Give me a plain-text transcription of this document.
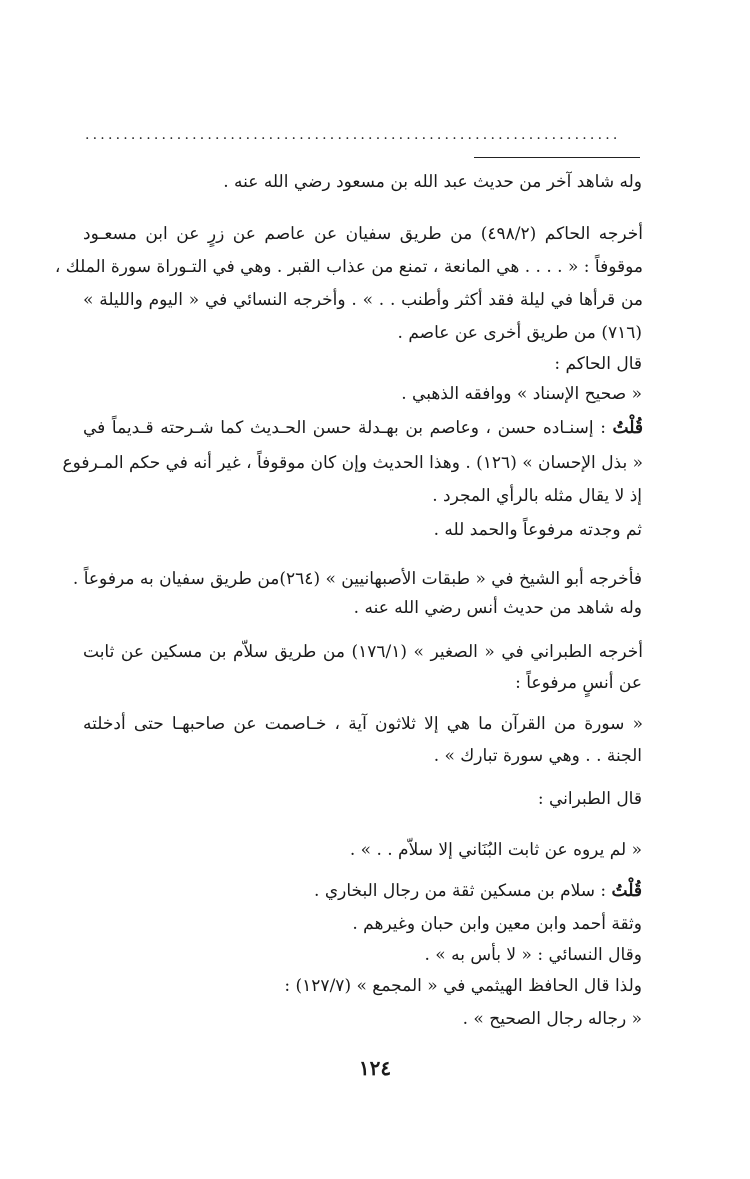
......................................................................
وله شاهد آخر من حديث عبد الله بن مسعود رضي الله عنه .
أخرجه الحاكم (٤٩٨/٢) من طريق سفيان عن عاصم عن زرٍ عن ابن مسعـود
موقوفاً : « . . . . هي المانعة ، تمنع من عذاب القبر . وهي في التـوراة سورة الملك ،
من قرأها في ليلة فقد أكثر وأطنب . . » . وأخرجه النسائي في « اليوم والليلة »
(٧١٦) من طريق أخرى عن عاصم .
قال الحاكم :
« صحيح الإسناد » ووافقه الذهبي .
قُلْتُ : إسنـاده حسن ، وعاصم بن بهـدلة حسن الحـديث كما شـرحته قـديماً في
« بذل الإحسان » (١٢٦) . وهذا الحديث وإن كان موقوفاً ، غير أنه في حكم المـرفوع
إذ لا يقال مثله بالرأي المجرد .
ثم وجدته مرفوعاً والحمد لله .
فأخرجه أبو الشيخ في « طبقات الأصبهانيين » (٢٦٤)من طريق سفيان به مرفوعاً .
وله شاهد من حديث أنس رضي الله عنه .
أخرجه الطبراني في « الصغير » (١٧٦/١) من طريق سلاّم بن مسكين عن ثابت
عن أنسٍ مرفوعاً :
« سورة من القرآن ما هي إلا ثلاثون آية ، خـاصمت عن صاحبهـا حتى أدخلته
الجنة . . وهي سورة تبارك » .
قال الطبراني :
« لم يروه عن ثابت البُنَاني إلا سلاّم . . » .
قُلْتُ : سلام بن مسكين ثقة من رجال البخاري .
وثقة أحمد وابن معين وابن حبان وغيرهم .
وقال النسائي : « لا بأس به » .
ولذا قال الحافظ الهيثمي في « المجمع » (١٢٧/٧) :
« رجاله رجال الصحيح » .
١٢٤
